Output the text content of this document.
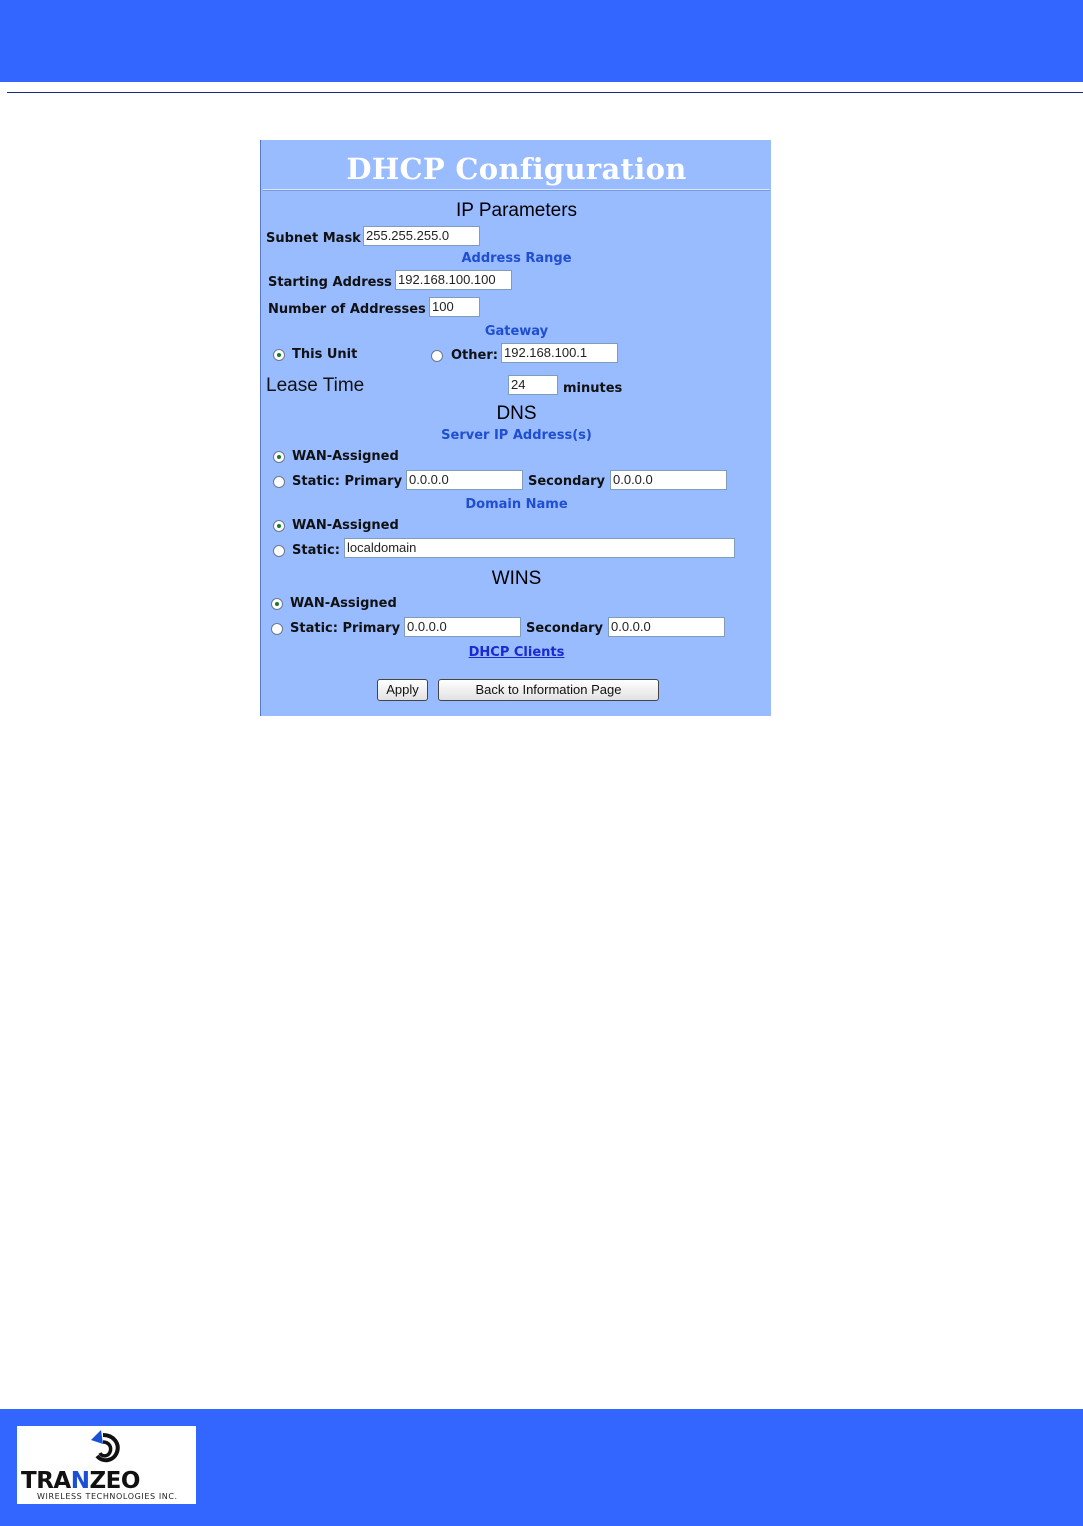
DHCP Configuration
IP Parameters
Subnet Mask 255.255.255.0
Address Range
Starting Address 192.168.100.100
Number of Addresses 100
Gateway
This Unit	Other: 192.168.100.1
Lease Time	24	minutes
DNS
Server IP Address(s)
WAN-Assigned
Static: Primary 0.0.0.0	Secondary 0.0.0.0
Domain Name
WAN-Assigned
Static: localdomain
WINS
WAN-Assigned
Static: Primary 0.0.0.0	Secondary 0.0.0.0
DHCP Clients
Apply	Back to Information Page
TRANZEO
WIRELESS TECHNOLOGIES INC.
